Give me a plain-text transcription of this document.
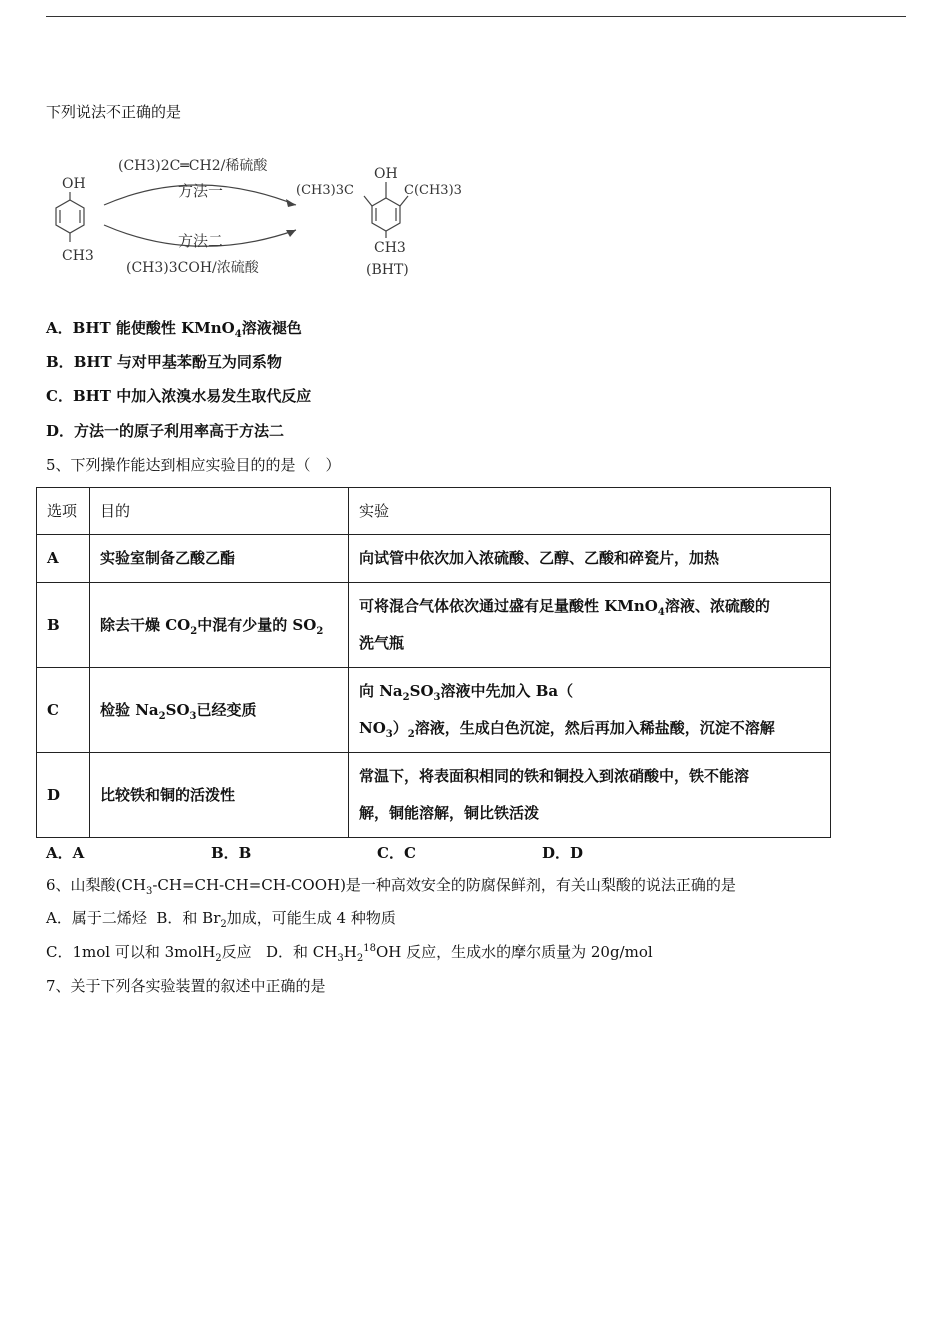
下列说法不正确的是
OH
CH3
(CH3)2C═CH2/稀硫酸
方法一
方法二
(CH3)3COH/浓硫酸
OH
(CH3)3C	C(CH3)3
CH3
(BHT)
A．BHT 能使酸性 KMnO$_4$溶液褪色
B．BHT 与对甲基苯酚互为同系物
C．BHT 中加入浓溴水易发生取代反应
D．方法一的原子利用率高于方法二
5、下列操作能达到相应实验目的的是（　）
选项	目的	实验
A	实验室制备乙酸乙酯	向试管中依次加入浓硫酸、乙醇、乙酸和碎瓷片，加热
B	除去干燥 $CO_2$中混有少量的 $SO_2$	可将混合气体依次通过盛有足量酸性 KMnO$_4$溶液、浓硫酸的
洗气瓶
C	检验 $Na_2SO_3$已经变质	向 $Na_2SO_3$溶液中先加入 Ba（
$NO_3)_2$溶液，生成白色沉淀，然后再加入稀盐酸，沉淀不溶解
D	比较铁和铜的活泼性	常温下，将表面积相同的铁和铜投入到浓硝酸中，铁不能溶
解，铜能溶解，铜比铁活泼
A．A	B．B	C．C	D．D
6、山梨酸$(CH_3-CH=CH-CH=CH-COOH)$是一种高效安全的防腐保鲜剂，有关山梨酸的说法正确的是
A．属于二烯烃 B．和 $Br_2$加成，可能生成 4 种物质
C．1mol 可以和 3molH$_2$反应 D．和 $CH_3H_2^{18}OH$ 反应，生成水的摩尔质量为 20g/mol
7、关于下列各实验装置的叙述中正确的是
